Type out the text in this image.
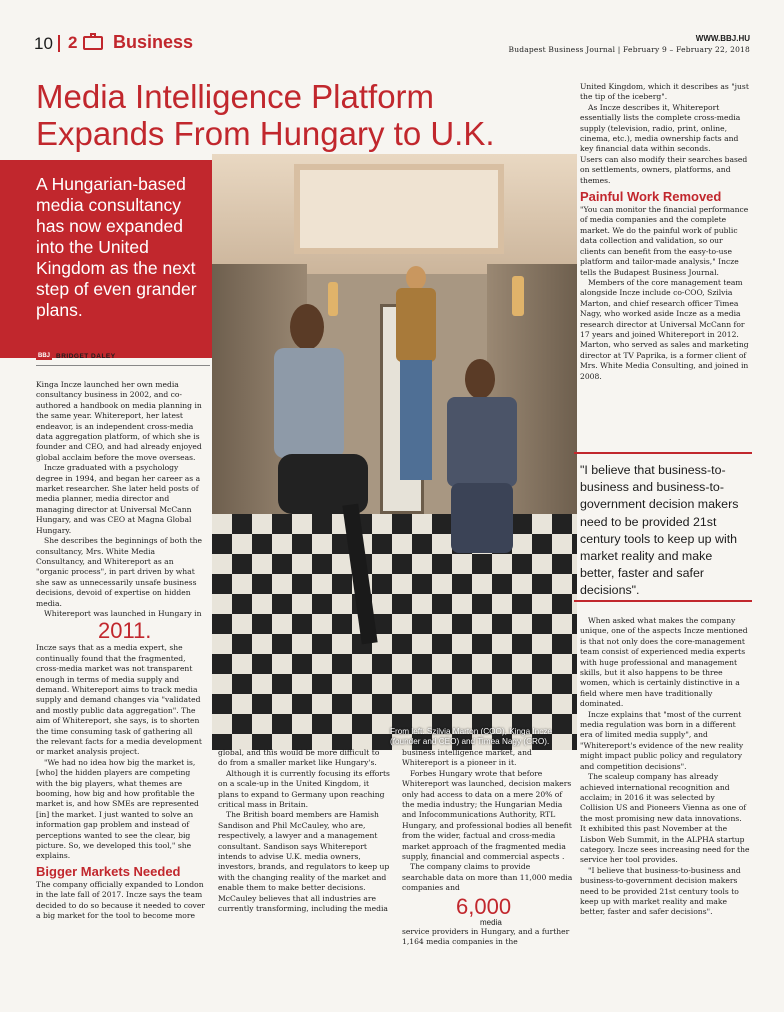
10 2 Business	WWW.BBJ.HU
Budapest Business Journal | February 9 – February 22, 2018
Media Intelligence Platform
Expands From Hungary to U.K.
A Hungarian-based media consultancy has now expanded into the United Kingdom as the next step of even grander plans.
BBJ BRIDGET DALEY
From left: Szilvia Marton (COO), Kinga Incze (founder and CEO) and Timea Nagy (CRO).

Kinga Incze launched her own media consultancy business in 2002, and co-authored a handbook on media planning in the same year. Whitereport, her latest endeavor, is an independent cross-media data aggregation platform, of which she is founder and CEO, and had already enjoyed global acclaim before the move overseas.

Incze graduated with a psychology degree in 1994, and began her career as a market researcher. She later held posts of media planner, media director and managing director at Universal McCann Hungary, and was CEO at Magna Global Hungary.

She describes the beginnings of both the consultancy, Mrs. White Media Consultancy, and Whitereport as an "organic process", in part driven by what she saw as unnecessarily unsafe business decisions, devoid of expertise on hidden media.

Whitereport was launched in Hungary in

2011.

Incze says that as a media expert, she continually found that the fragmented, cross-media market was not transparent enough in terms of media supply and demand. Whitereport aims to track media supply and demand changes via "validated and mostly public data aggregation". The aim of Whitereport, she says, is to shorten the time consuming task of gathering all the relevant facts for a media development or market analysis project.

"We had no idea how big the market is, [who] the hidden players are competing with the big players, what themes are booming, how big and how profitable the market is, and how SMEs are represented [in] the market. I just wanted to solve an information gap problem and instead of perceptions wanted to see the clear, big picture. So, we developed this tool," she explains.

Bigger Markets Needed

The company officially expanded to London in the late fall of 2017. Incze says the team decided to do so because it needed to cover a big market for the tool to become more

global, and this would be more difficult to do from a smaller market like Hungary's.

Although it is currently focusing its efforts on a scale-up in the United Kingdom, it plans to expand to Germany upon reaching critical mass in Britain.

The British board members are Hamish Sandison and Phil McCauley, who are, respectively, a lawyer and a management consultant. Sandison says Whitereport intends to advise U.K. media owners, investors, brands, and regulators to keep up with the changing reality of the market and enable them to make better decisions. McCauley believes that all industries are currently transforming, including the media

business intelligence market, and Whitereport is a pioneer in it.

Forbes Hungary wrote that before Whitereport was launched, decision makers only had access to data on a mere 20% of the media industry; the Hungarian Media and Infocommunications Authority, RTL Hungary, and professional bodies all benefit from the wider, factual and cross-media market approach of the fragmented media supply, financial and commercial aspects .

The company claims to provide searchable data on more than 11,000 media companies and

6,000
media

service providers in Hungary, and a further 1,164 media companies in the

United Kingdom, which it describes as "just the tip of the iceberg".

As Incze describes it, Whitereport essentially lists the complete cross-media supply (television, radio, print, online, cinema, etc.), media ownership facts and key financial data within seconds.

Users can also modify their searches based on settlements, owners, platforms, and themes.

Painful Work Removed

"You can monitor the financial performance of media companies and the complete market. We do the painful work of public data collection and validation, so our clients can benefit from the easy-to-use platform and tailor-made analysis," Incze tells the Budapest Business Journal.

Members of the core management team alongside Incze include co-COO, Szilvia Marton, and chief research officer Timea Nagy, who worked aside Incze as a media research director at Universal McCann for 17 years and joined Whitereport in 2012. Marton, who served as sales and marketing director at TV Paprika, is a former client of Mrs. White Media Consulting, and joined in 2008.

"I believe that business-to-business and business-to-government decision makers need to be provided 21st century tools to keep up with market reality and make better, faster and safer decisions".

When asked what makes the company unique, one of the aspects Incze mentioned is that not only does the core-management team consist of experienced media experts with huge professional and management skills, but it also happens to be three women, which is certainly distinctive in a field where men have traditionally dominated.

Incze explains that "most of the current media regulation was born in a different era of limited media supply", and "Whitereport's evidence of the new reality might impact public policy and regulatory and competition decisions".

The scaleup company has already achieved international recognition and acclaim; in 2016 it was selected by Collision US and Pioneers Vienna as one of the most promising new data innovations. It exhibited this past November at the Lisbon Web Summit, in the ALPHA startup category. Incze sees increasing need for the service her tool provides.

"I believe that business-to-business and business-to-government decision makers need to be provided 21st century tools to keep up with market reality and make better, faster and safer decisions".
